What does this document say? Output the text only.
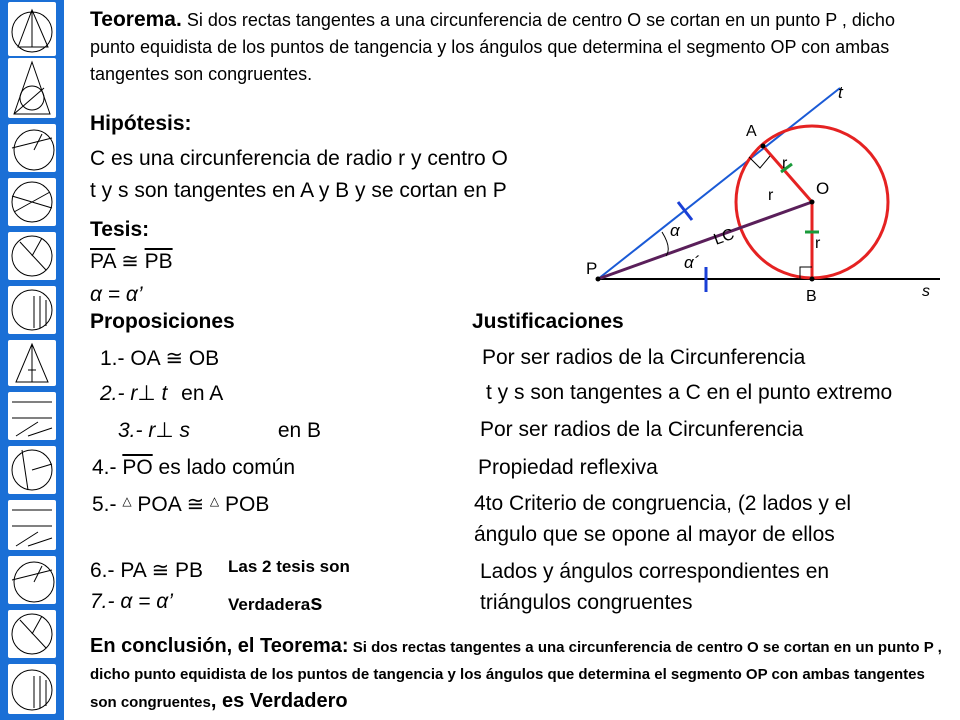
Teorema. Si dos rectas tangentes a una circunferencia de centro O se cortan en un punto P , dicho punto equidista de los puntos de tangencia y los ángulos que determina el segmento OP con ambas tangentes son congruentes.
Hipótesis:
C es una circunferencia de radio r y centro O
t y s son tangentes en A y B y se cortan en P
Tesis:
$\overline{PA}$ ≅ $\overline{PB}$
α = α’
Proposiciones	Justificaciones
1.- OA ≅ OB	Por ser radios de la Circunferencia
2.- r⊥ t en A	t y s son tangentes a C en el punto extremo
3.- r⊥ s	en B	Por ser radios de la Circunferencia
4.- $\overline{PO}$ es lado común	Propiedad reflexiva
5.- △ POA ≅ △ POB	4to Criterio de congruencia, (2 lados y el
ángulo que se opone al mayor de ellos
6.- PA ≅ PB	Lados y ángulos correspondientes en
7.- α = α’	triángulos congruentes
Las 2 tesis son
Verdaderas
En conclusión, el Teorema: Si dos rectas tangentes a una circunferencia de centro O se cortan en un punto P , dicho punto equidista de los puntos de tangencia y los ángulos que determina el segmento OP con ambas tangentes son congruentes, es Verdadero
t
s
A
B
O
P
r
r
r
LC
α
α´
